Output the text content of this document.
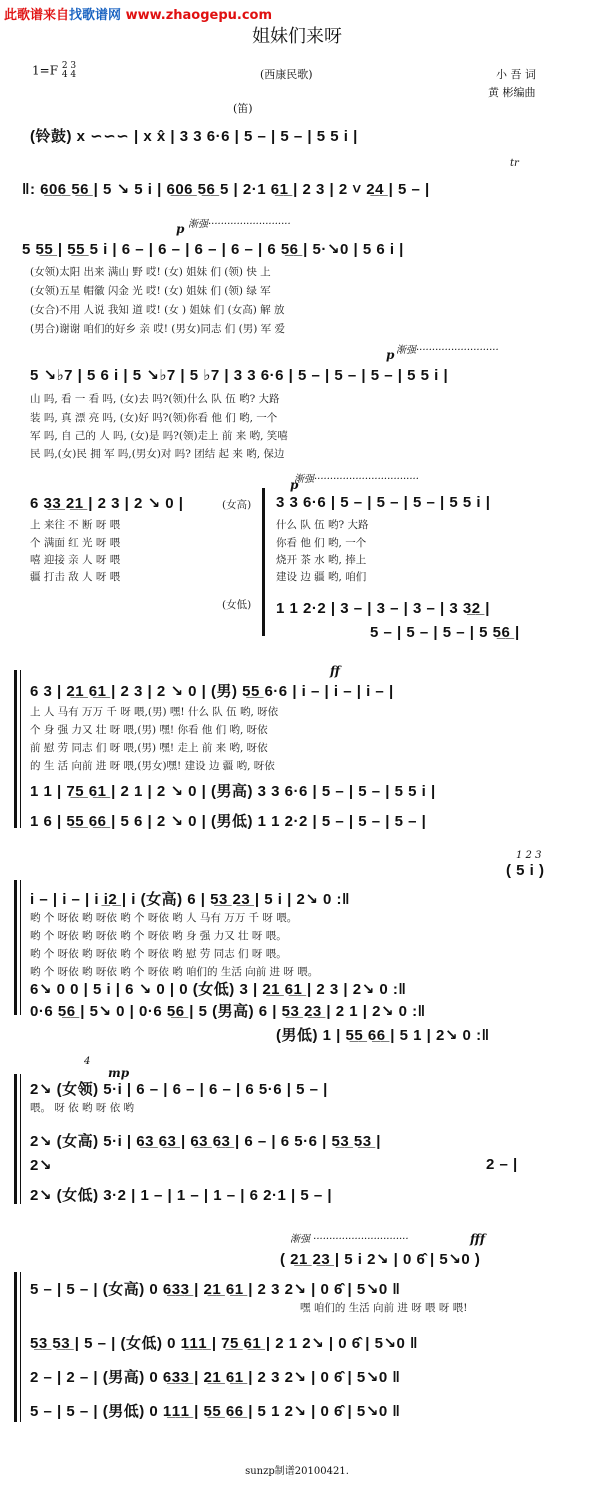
此歌谱来自找歌谱网 www.zhaogepu.com
姐妹们来呀
1=F 2 3
4 4	(西康民歌)	小 吾 词
黄 彬编曲
(笛)
(铃鼓) x ∽∽∽ | x x̂ | 3 3 6·6 | 5 – | 5 – | 5 5 i |
tr
‖: 6̲0̲6̲ 5̲6̲ | 5 ↘ 5 i | 6̲0̲6̲ 5̲6̲ 5 | 2·1 6̲1̲ | 2 3 | 2 ˅ 2̲4̲ | 5 – |
p 渐强··························
5 5̲5̲ | 5̲5̲ 5 i | 6 – | 6 – | 6 – | 6 – | 6 5̲6̲ | 5·↘0 | 5 6 i |
(女领)太阳 出来 满山 野 哎! (女) 姐妹 们 (领) 快 上
(女领)五星 帽徽 闪金 光 哎! (女) 姐妹 们 (领) 绿 军
(女合)不用 人说 我知 道 哎! (女 ) 姐妹 们 (女高) 解 放
(男合)谢谢 咱们的好乡 亲 哎! (男女)同志 们 (男) 军 爱
p 渐强··························
5 ↘♭7 | 5 6 i | 5 ↘♭7 | 5 ♭7 | 3 3 6·6 | 5 – | 5 – | 5 – | 5 5 i |
山 吗, 看 一 看 吗, (女)去 吗?(领)什么 队 伍 哟? 大路
装 吗, 真 漂 亮 吗, (女)好 吗?(领)你看 他 们 哟, 一个
军 吗, 自 己的 人 吗, (女)是 吗?(领)走上 前 来 哟, 笑嘻
民 吗,(女)民 拥 军 吗,(男女)对 吗? 团结 起 来 哟, 保边
渐强·································
p
6 3̲3̲ 2̲1̲ | 2 3 | 2 ↘ 0 |	(女高) 3 3 6·6 | 5 – | 5 – | 5 – | 5 5 i |
上 来往 不 断 呀 喂
个 满面 红 光 呀 喂
嘻 迎接 亲 人 呀 喂
疆 打击 敌 人 呀 喂
什么 队 伍 哟? 大路
你看 他 们 哟, 一个
烧开 茶 水 哟, 捧上
建设 边 疆 哟, 咱们
(女低) 1 1 2·2 | 3 – | 3 – | 3 – | 3 3̲2̲ |
5 – | 5 – | 5 – | 5 5̲6̲ |
ff
6 3 | 2̲1̲ 6̲1̲ | 2 3 | 2 ↘ 0 | (男) 5̲5̲ 6·6 | i – | i – | i – |
上 人 马有 万万 千 呀 喂,(男) 嘿! 什么 队 伍 哟, 呀依
个 身 强 力又 壮 呀 喂,(男) 嘿! 你看 他 们 哟, 呀依
前 慰 劳 同志 们 呀 喂,(男) 嘿! 走上 前 来 哟, 呀依
的 生 活 向前 进 呀 喂,(男女)嘿! 建设 边 疆 哟, 呀依
1 1 | 7̲5̲ 6̲1̲ | 2 1 | 2 ↘ 0 | (男高) 3 3 6·6 | 5 – | 5 – | 5 5 i |
1 6 | 5̲5̲ 6̲6̲ | 5 6 | 2 ↘ 0 | (男低) 1 1 2·2 | 5 – | 5 – | 5 – |
1 2 3
( 5 i )
i – | i – | i i̲2̲ | i (女高) 6 | 5̲3̲ 2̲3̲ | 5 i | 2↘ 0 :‖
哟 个 呀依 哟 呀依 哟 个 呀依 哟 人 马有 万万 千 呀 喂。
哟 个 呀依 哟 呀依 哟 个 呀依 哟 身 强 力又 壮 呀 喂。
哟 个 呀依 哟 呀依 哟 个 呀依 哟 慰 劳 同志 们 呀 喂。
哟 个 呀依 哟 呀依 哟 个 呀依 哟 咱们的 生活 向前 进 呀 喂。
6↘ 0 0 | 5 i | 6 ↘ 0 | 0 (女低) 3 | 2̲1̲ 6̲1̲ | 2 3 | 2↘ 0 :‖
0·6 5̲6̲ | 5↘ 0 | 0·6 5̲6̲ | 5 (男高) 6 | 5̲3̲ 2̲3̲ | 2 1 | 2↘ 0 :‖
(男低) 1 | 5̲5̲ 6̲6̲ | 5 1 | 2↘ 0 :‖
4
mp
2↘ (女领) 5·i | 6 – | 6 – | 6 – | 6 5·6 | 5 – |
喂。 呀 依 哟 呀 依 哟
2↘ (女高) 5·i | 6̲3̲ 6̲3̲ | 6̲3̲ 6̲3̲ | 6 – | 6 5·6 | 5̲3̲ 5̲3̲ |
2↘	2 – |
2↘ (女低) 3·2 | 1 – | 1 – | 1 – | 6 2·1 | 5 – |
渐强 ······························	fff
( 2̲1̲ 2̲3̲ | 5 i 2↘ | 0 6̂ | 5↘0 )
5 – | 5 – | (女高) 0 6̲3̲3̲ | 2̲1̲ 6̲1̲ | 2 3 2↘ | 0 6̂ | 5↘0 ‖
嘿 咱们的 生活 向前 进 呀 喂 呀 喂!
5̲3̲ 5̲3̲ | 5 – | (女低) 0 1̲1̲1̲ | 7̲5̲ 6̲1̲ | 2 1 2↘ | 0 6̂ | 5↘0 ‖
2 – | 2 – | (男高) 0 6̲3̲3̲ | 2̲1̲ 6̲1̲ | 2 3 2↘ | 0 6̂ | 5↘0 ‖
5 – | 5 – | (男低) 0 1̲1̲1̲ | 5̲5̲ 6̲6̲ | 5 1 2↘ | 0 6̂ | 5↘0 ‖
sunzp制谱20100421.
